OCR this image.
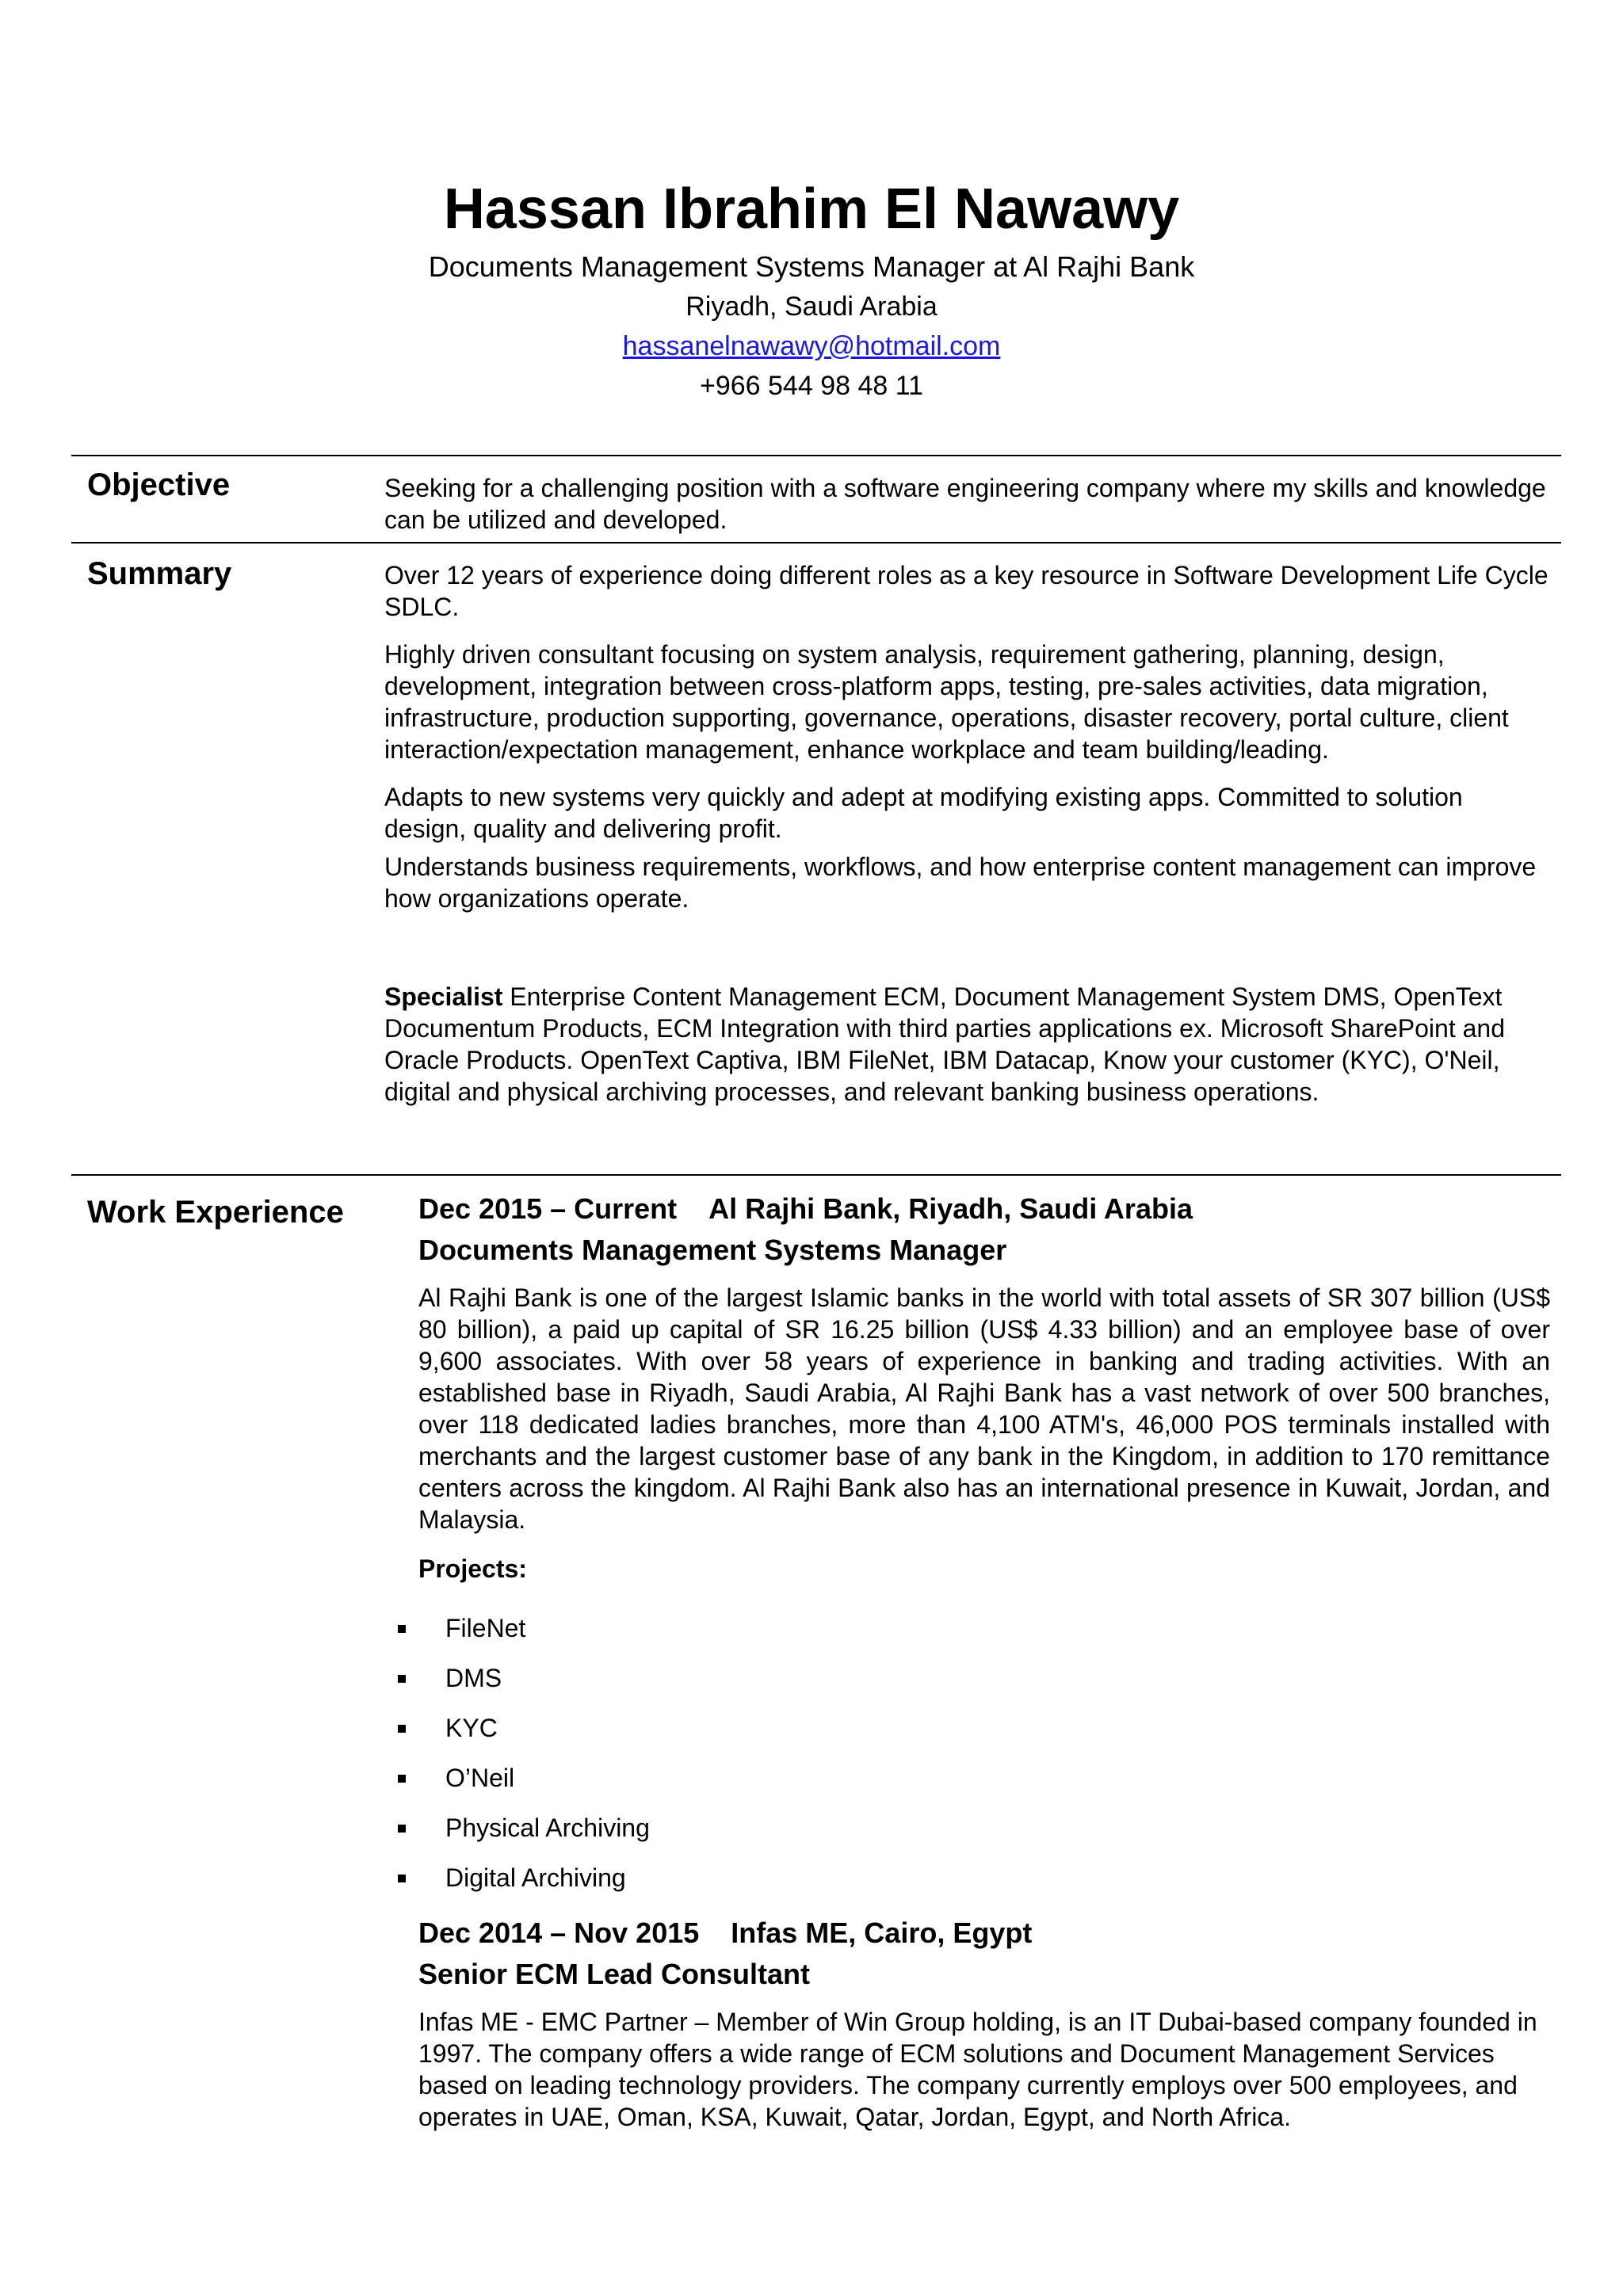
Hassan Ibrahim El Nawawy

Documents Management Systems Manager at Al Rajhi Bank

Riyadh, Saudi Arabia

hassanelnawawy@hotmail.com

+966 544 98 48 11

Objective	Seeking for a challenging position with a software engineering company where my skills and knowledge can be utilized and developed.

Summary	Over 12 years of experience doing different roles as a key resource in Software Development Life Cycle SDLC.

Highly driven consultant focusing on system analysis, requirement gathering, planning, design, development, integration between cross-platform apps, testing, pre-sales activities, data migration, infrastructure, production supporting, governance, operations, disaster recovery, portal culture, client interaction/expectation management, enhance workplace and team building/leading.

Adapts to new systems very quickly and adept at modifying existing apps. Committed to solution design, quality and delivering profit.

Understands business requirements, workflows, and how enterprise content management can improve how organizations operate.

Specialist Enterprise Content Management ECM, Document Management System DMS, OpenText Documentum Products, ECM Integration with third parties applications ex. Microsoft SharePoint and Oracle Products. OpenText Captiva, IBM FileNet, IBM Datacap, Know your customer (KYC), O'Neil, digital and physical archiving processes, and relevant banking business operations.

Work Experience	Dec 2015 – Current Al Rajhi Bank, Riyadh, Saudi Arabia
Documents Management Systems Manager

Al Rajhi Bank is one of the largest Islamic banks in the world with total assets of SR 307 billion (US$ 80 billion), a paid up capital of SR 16.25 billion (US$ 4.33 billion) and an employee base of over 9,600 associates. With over 58 years of experience in banking and trading activities. With an established base in Riyadh, Saudi Arabia, Al Rajhi Bank has a vast network of over 500 branches, over 118 dedicated ladies branches, more than 4,100 ATM's, 46,000 POS terminals installed with merchants and the largest customer base of any bank in the Kingdom, in addition to 170 remittance centers across the kingdom. Al Rajhi Bank also has an international presence in Kuwait, Jordan, and Malaysia.

Projects:

FileNet
DMS
KYC
O’Neil
Physical Archiving
Digital Archiving
Dec 2014 – Nov 2015 Infas ME, Cairo, Egypt
Senior ECM Lead Consultant

Infas ME - EMC Partner – Member of Win Group holding, is an IT Dubai-based company founded in 1997. The company offers a wide range of ECM solutions and Document Management Services based on leading technology providers. The company currently employs over 500 employees, and operates in UAE, Oman, KSA, Kuwait, Qatar, Jordan, Egypt, and North Africa.
